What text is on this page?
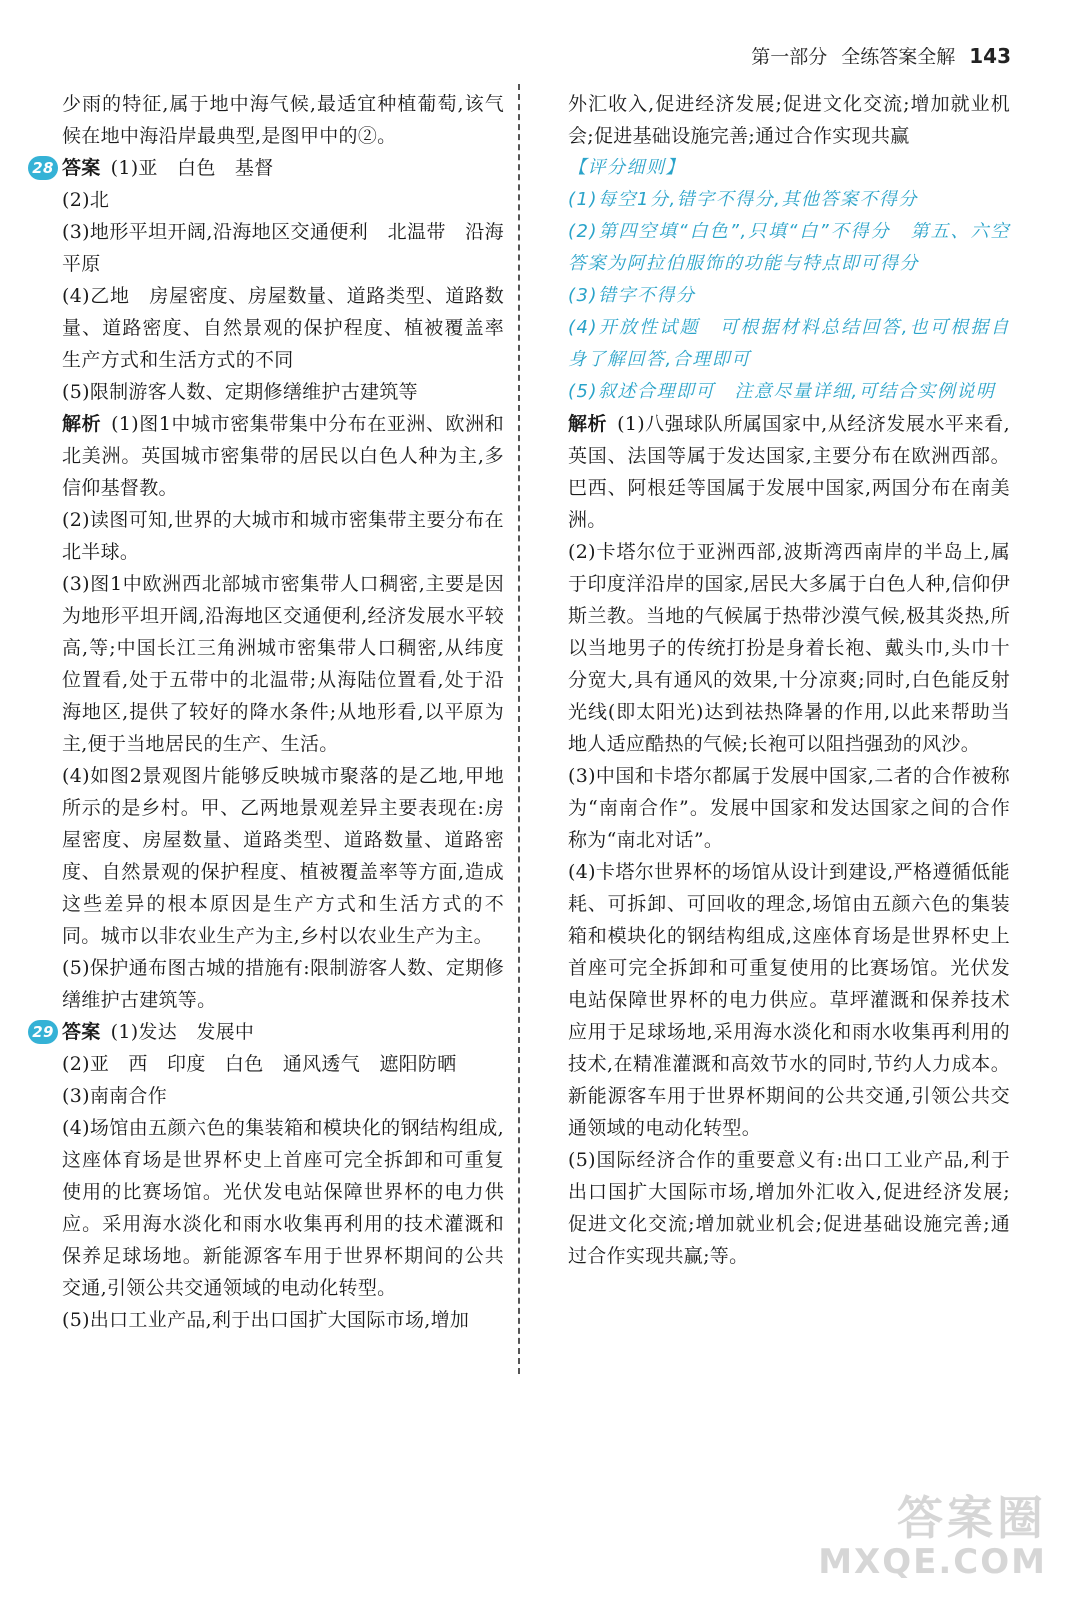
第一部分 全练答案全解 143

少雨的特征,属于地中海气候,最适宜种植葡萄,该气候在地中海沿岸最典型,是图甲中的②。

28 答案 (1)亚　白色　基督

(2)北

(3)地形平坦开阔,沿海地区交通便利　北温带　沿海　平原

(4)乙地　房屋密度、房屋数量、道路类型、道路数量、道路密度、自然景观的保护程度、植被覆盖率　生产方式和生活方式的不同

(5)限制游客人数、定期修缮维护古建筑等

解析 (1)图1中城市密集带集中分布在亚洲、欧洲和北美洲。英国城市密集带的居民以白色人种为主,多信仰基督教。

(2)读图可知,世界的大城市和城市密集带主要分布在北半球。

(3)图1中欧洲西北部城市密集带人口稠密,主要是因为地形平坦开阔,沿海地区交通便利,经济发展水平较高,等;中国长江三角洲城市密集带人口稠密,从纬度位置看,处于五带中的北温带;从海陆位置看,处于沿海地区,提供了较好的降水条件;从地形看,以平原为主,便于当地居民的生产、生活。

(4)如图2景观图片能够反映城市聚落的是乙地,甲地所示的是乡村。甲、乙两地景观差异主要表现在:房屋密度、房屋数量、道路类型、道路数量、道路密度、自然景观的保护程度、植被覆盖率等方面,造成这些差异的根本原因是生产方式和生活方式的不同。城市以非农业生产为主,乡村以农业生产为主。

(5)保护通布图古城的措施有:限制游客人数、定期修缮维护古建筑等。

29 答案 (1)发达　发展中

(2)亚　西　印度　白色　通风透气　遮阳防晒

(3)南南合作

(4)场馆由五颜六色的集装箱和模块化的钢结构组成,这座体育场是世界杯史上首座可完全拆卸和可重复使用的比赛场馆。光伏发电站保障世界杯的电力供应。采用海水淡化和雨水收集再利用的技术灌溉和保养足球场地。新能源客车用于世界杯期间的公共交通,引领公共交通领域的电动化转型。

(5)出口工业产品,利于出口国扩大国际市场,增加

外汇收入,促进经济发展;促进文化交流;增加就业机会;促进基础设施完善;通过合作实现共赢

【评分细则】

(1)每空1分,错字不得分,其他答案不得分

(2)第四空填“白色”,只填“白”不得分　第五、六空答案为阿拉伯服饰的功能与特点即可得分

(3)错字不得分

(4)开放性试题　可根据材料总结回答,也可根据自身了解回答,合理即可

(5)叙述合理即可　注意尽量详细,可结合实例说明

解析 (1)八强球队所属国家中,从经济发展水平来看,英国、法国等属于发达国家,主要分布在欧洲西部。巴西、阿根廷等国属于发展中国家,两国分布在南美洲。

(2)卡塔尔位于亚洲西部,波斯湾西南岸的半岛上,属于印度洋沿岸的国家,居民大多属于白色人种,信仰伊斯兰教。当地的气候属于热带沙漠气候,极其炎热,所以当地男子的传统打扮是身着长袍、戴头巾,头巾十分宽大,具有通风的效果,十分凉爽;同时,白色能反射光线(即太阳光)达到祛热降暑的作用,以此来帮助当地人适应酷热的气候;长袍可以阻挡强劲的风沙。

(3)中国和卡塔尔都属于发展中国家,二者的合作被称为“南南合作”。发展中国家和发达国家之间的合作称为“南北对话”。

(4)卡塔尔世界杯的场馆从设计到建设,严格遵循低能耗、可拆卸、可回收的理念,场馆由五颜六色的集装箱和模块化的钢结构组成,这座体育场是世界杯史上首座可完全拆卸和可重复使用的比赛场馆。光伏发电站保障世界杯的电力供应。草坪灌溉和保养技术应用于足球场地,采用海水淡化和雨水收集再利用的技术,在精准灌溉和高效节水的同时,节约人力成本。新能源客车用于世界杯期间的公共交通,引领公共交通领域的电动化转型。

(5)国际经济合作的重要意义有:出口工业产品,利于出口国扩大国际市场,增加外汇收入,促进经济发展;促进文化交流;增加就业机会;促进基础设施完善;通过合作实现共赢;等。

答案圈
MXQE.COM
